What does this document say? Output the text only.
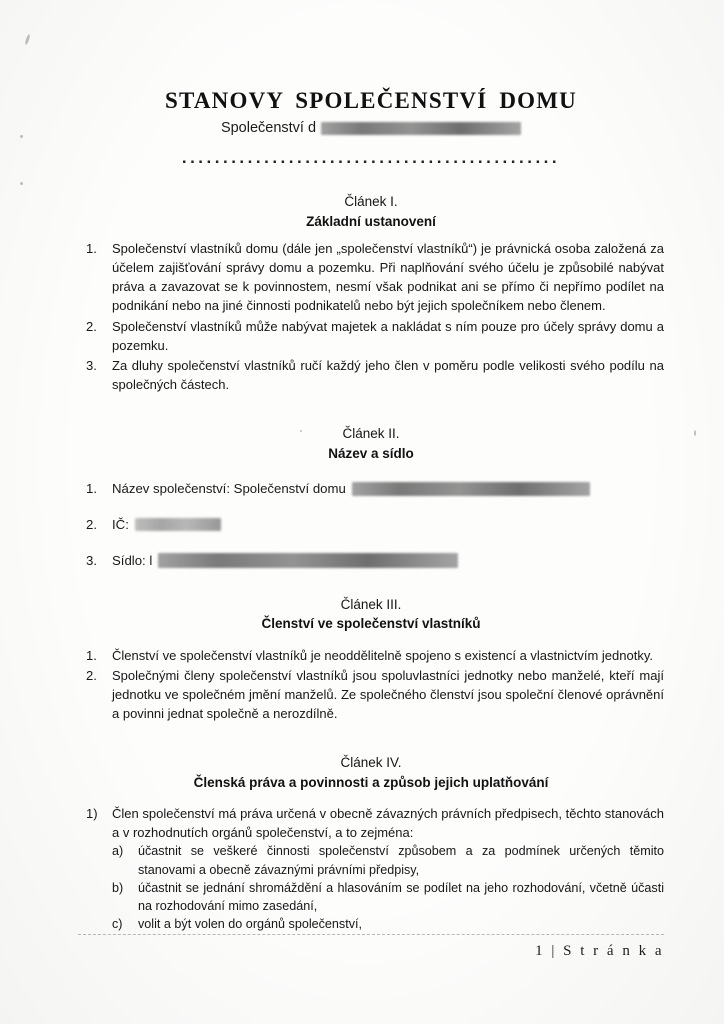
STANOVY SPOLEČENSTVÍ DOMU
Společenství d
..............................................
Článek I.
Základní ustanovení
1.	Společenství vlastníků domu (dále jen „společenství vlastníků“) je právnická osoba založená za účelem zajišťování správy domu a pozemku. Při naplňování svého účelu je způsobilé nabývat práva a zavazovat se k povinnostem, nesmí však podnikat ani se přímo či nepřímo podílet na podnikání nebo na jiné činnosti podnikatelů nebo být jejich společníkem nebo členem.
2.	Společenství vlastníků může nabývat majetek a nakládat s ním pouze pro účely správy domu a pozemku.
3.	Za dluhy společenství vlastníků ručí každý jeho člen v poměru podle velikosti svého podílu na společných částech.
Článek II.
Název a sídlo
1. Název společenství: Společenství domu
2. IČ:
3. Sídlo: l
Článek III.
Členství ve společenství vlastníků
1.	Členství ve společenství vlastníků je neoddělitelně spojeno s existencí a vlastnictvím jednotky.
2.	Společnými členy společenství vlastníků jsou spoluvlastníci jednotky nebo manželé, kteří mají jednotku ve společném jmění manželů. Ze společného členství jsou společní členové oprávnění a povinni jednat společně a nerozdílně.
Článek IV.
Členská práva a povinnosti a způsob jejich uplatňování
1)	Člen společenství má práva určená v obecně závazných právních předpisech, těchto stanovách a v rozhodnutích orgánů společenství, a to zejména:
a)	účastnit se veškeré činnosti společenství způsobem a za podmínek určených těmito stanovami a obecně závaznými právními předpisy,
b)	účastnit se jednání shromáždění a hlasováním se podílet na jeho rozhodování, včetně účasti na rozhodování mimo zasedání,
c)	volit a být volen do orgánů společenství,
1 | S t r á n k a
